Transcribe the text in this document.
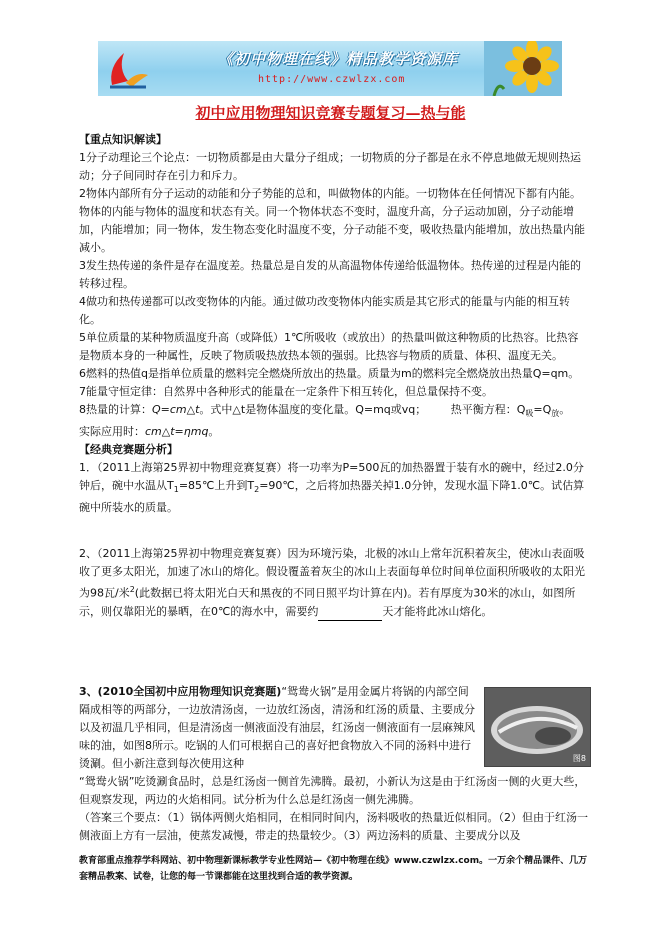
《初中物理在线》精品教学资源库
http://www.czwlzx.com
初中应用物理知识竞赛专题复习—热与能

【重点知识解读】

1分子动理论三个论点：一切物质都是由大量分子组成；一切物质的分子都是在永不停息地做无规则热运动；分子间同时存在引力和斥力。

2物体内部所有分子运动的动能和分子势能的总和，叫做物体的内能。一切物体在任何情况下都有内能。物体的内能与物体的温度和状态有关。同一个物体状态不变时，温度升高，分子运动加剧，分子动能增加，内能增加；同一物体，发生物态变化时温度不变，分子动能不变，吸收热量内能增加，放出热量内能减小。

3发生热传递的条件是存在温度差。热量总是自发的从高温物体传递给低温物体。热传递的过程是内能的转移过程。

4做功和热传递都可以改变物体的内能。通过做功改变物体内能实质是其它形式的能量与内能的相互转化。

5单位质量的某种物质温度升高（或降低）1℃所吸收（或放出）的热量叫做这种物质的比热容。比热容是物质本身的一种属性，反映了物质吸热放热本领的强弱。比热容与物质的质量、体积、温度无关。

6燃料的热值q是指单位质量的燃料完全燃烧所放出的热量。质量为m的燃料完全燃烧放出热量Q=qm。

7能量守恒定律：自然界中各种形式的能量在一定条件下相互转化，但总量保持不变。

8热量的计算：Q=cm△t。式中△t是物体温度的变化量。Q=mq或vq； 热平衡方程：$Q_吸=Q_放$。

实际应用时：cm△t=ηmq。

【经典竞赛题分析】

1．（2011上海第25界初中物理竞赛复赛）将一功率为P=500瓦的加热器置于装有水的碗中，经过2.0分钟后，碗中水温从$T_1=85℃$上升到$T_2=90℃$，之后将加热器关掉1.0分钟，发现水温下降1.0℃。试估算碗中所装水的质量。

2、（2011上海第25界初中物理竞赛复赛）因为环境污染，北极的冰山上常年沉积着灰尘，使冰山表面吸收了更多太阳光，加速了冰山的熔化。假设覆盖着灰尘的冰山上表面每单位时间单位面积所吸收的太阳光为98瓦/米$^2$(此数据已将太阳光白天和黑夜的不同日照平均计算在内)。若有厚度为30米的冰山，如图所示，则仅靠阳光的暴晒，在0℃的海水中，需要约	天才能将此冰山熔化。

3、(2010全国初中应用物理知识竞赛题)“鸳鸯火锅”是用金属片将锅的内部空间隔成相等的两部分，一边放清汤卤，一边放红汤卤，清汤和红汤的质量、主要成分以及初温几乎相同，但是清汤卤一侧液面没有油层，红汤卤一侧液面有一层麻辣风味的油，如图8所示。吃锅的人们可根据自己的喜好把食物放入不同的汤料中进行烫涮。但小新注意到每次使用这种	图8

“鸳鸯火锅”吃烫涮食品时，总是红汤卤一侧首先沸腾。最初，小新认为这是由于红汤卤一侧的火更大些，但观察发现，两边的火焰相同。试分析为什么总是红汤卤一侧先沸腾。

（答案三个要点：（1）锅体两侧火焰相同，在相同时间内，汤料吸收的热量近似相同。（2）但由于红汤一侧液面上方有一层油，使蒸发减慢，带走的热量较少。（3）两边汤料的质量、主要成分以及

教育部重点推荐学科网站、初中物理新课标教学专业性网站—《初中物理在线》www.czwlzx.com。一万余个精品课件、几万套精品教案、试卷，让您的每一节课都能在这里找到合适的教学资源。
